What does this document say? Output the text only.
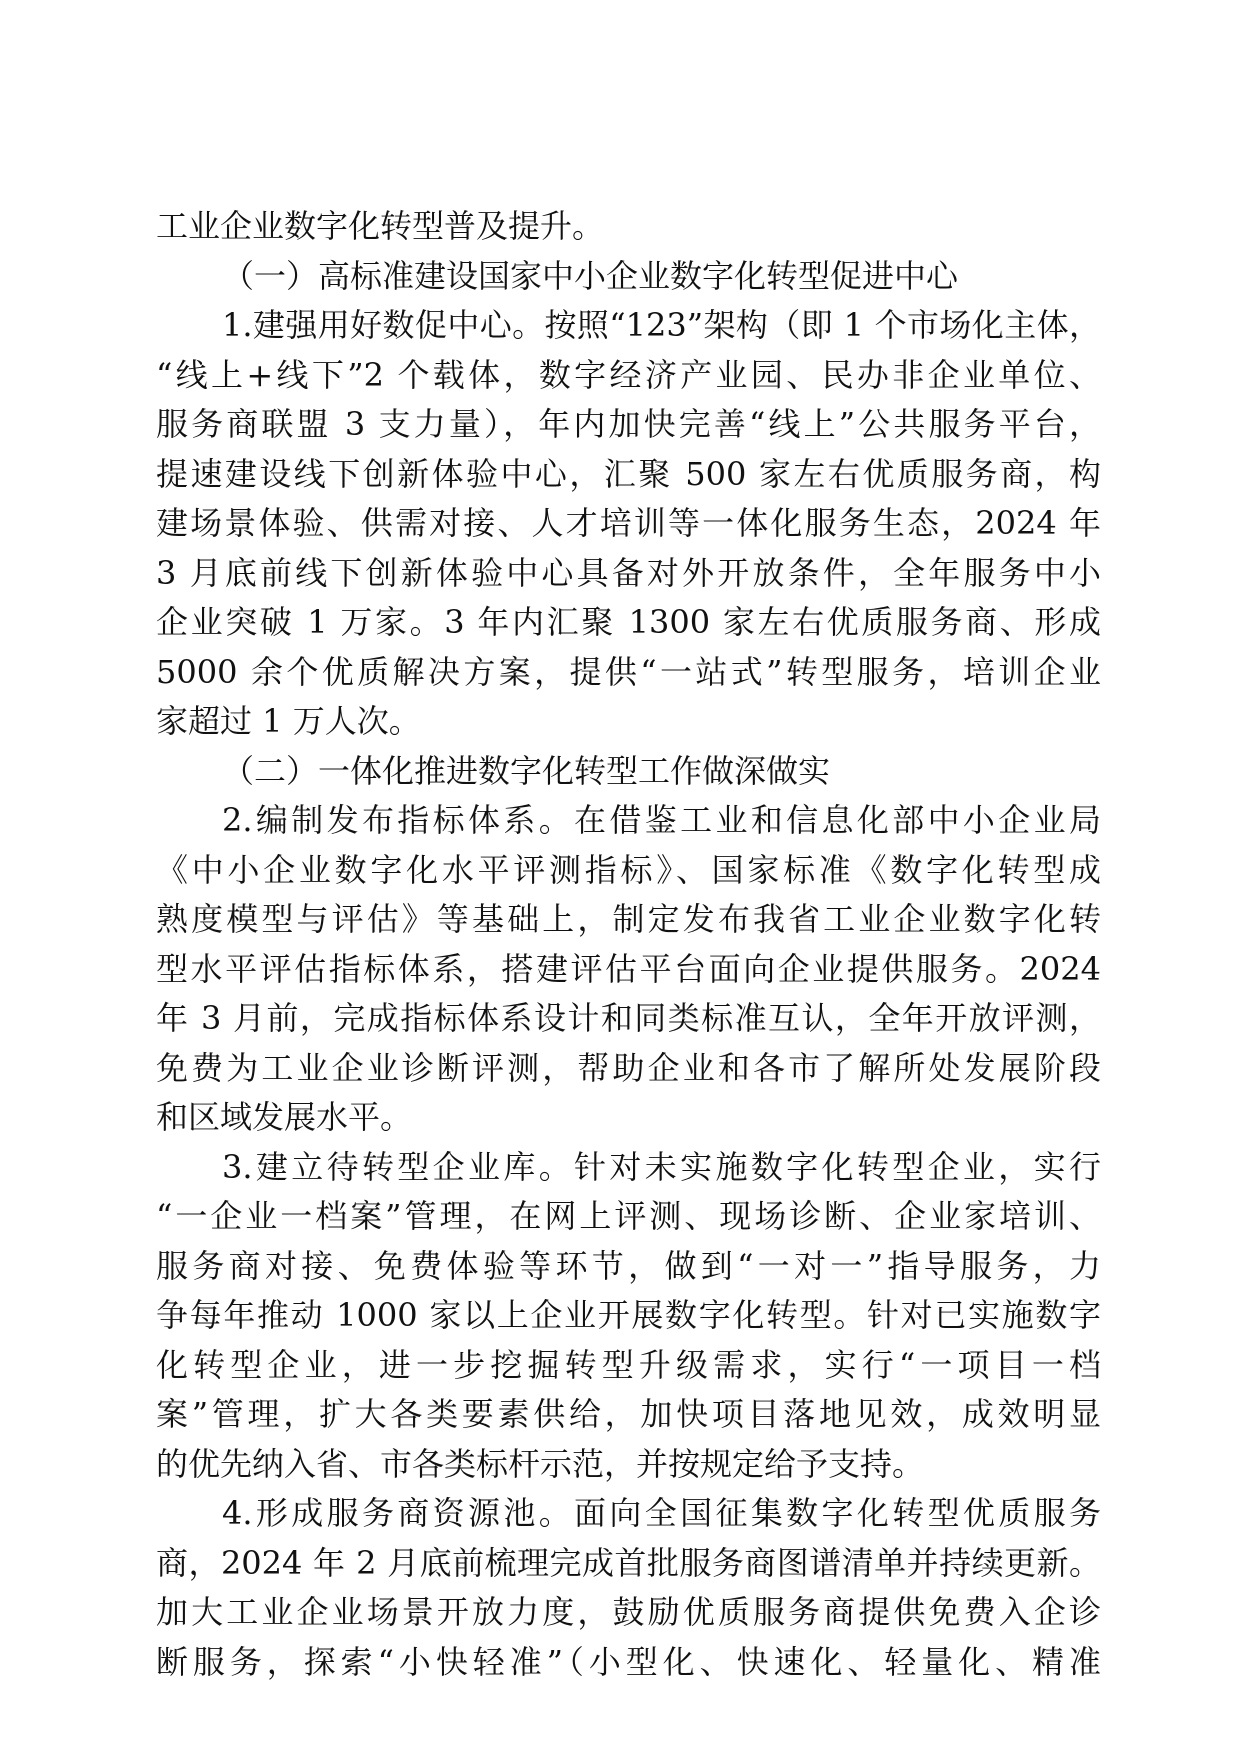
工业企业数字化转型普及提升。
（一）高标准建设国家中小企业数字化转型促进中心
1.建强用好数促中心。按照“123”架构（即 1 个市场化主体，
“线上+线下”2 个载体，数字经济产业园、民办非企业单位、
服务商联盟 3 支力量），年内加快完善“线上”公共服务平台，
提速建设线下创新体验中心，汇聚 500 家左右优质服务商，构
建场景体验、供需对接、人才培训等一体化服务生态，2024 年
3 月底前线下创新体验中心具备对外开放条件，全年服务中小
企业突破 1 万家。3 年内汇聚 1300 家左右优质服务商、形成
5000 余个优质解决方案，提供“一站式”转型服务，培训企业
家超过 1 万人次。
（二）一体化推进数字化转型工作做深做实
2.编制发布指标体系。在借鉴工业和信息化部中小企业局
《中小企业数字化水平评测指标》、国家标准《数字化转型成
熟度模型与评估》等基础上，制定发布我省工业企业数字化转
型水平评估指标体系，搭建评估平台面向企业提供服务。2024
年 3 月前，完成指标体系设计和同类标准互认，全年开放评测，
免费为工业企业诊断评测，帮助企业和各市了解所处发展阶段
和区域发展水平。
3.建立待转型企业库。针对未实施数字化转型企业，实行
“一企业一档案”管理，在网上评测、现场诊断、企业家培训、
服务商对接、免费体验等环节，做到“一对一”指导服务，力
争每年推动 1000 家以上企业开展数字化转型。针对已实施数字
化转型企业，进一步挖掘转型升级需求，实行“一项目一档
案”管理，扩大各类要素供给，加快项目落地见效，成效明显
的优先纳入省、市各类标杆示范，并按规定给予支持。
4.形成服务商资源池。面向全国征集数字化转型优质服务
商，2024 年 2 月底前梳理完成首批服务商图谱清单并持续更新。
加大工业企业场景开放力度，鼓励优质服务商提供免费入企诊
断服务，探索“小快轻准”（小型化、快速化、轻量化、精准
